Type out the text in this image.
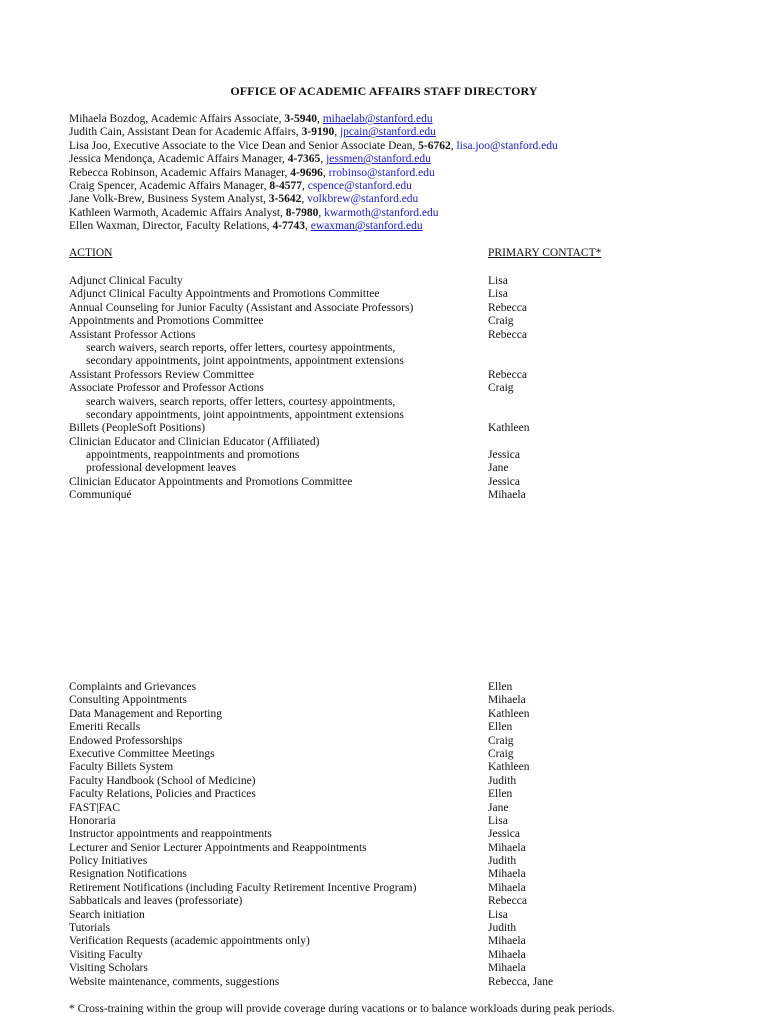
OFFICE OF ACADEMIC AFFAIRS STAFF DIRECTORY
Mihaela Bozdog, Academic Affairs Associate, 3-5940, mihaelab@stanford.edu
Judith Cain, Assistant Dean for Academic Affairs, 3-9190, jpcain@stanford.edu
Lisa Joo, Executive Associate to the Vice Dean and Senior Associate Dean, 5-6762, lisa.joo@stanford.edu
Jessica Mendonça, Academic Affairs Manager, 4-7365, jessmen@stanford.edu
Rebecca Robinson, Academic Affairs Manager, 4-9696, rrobinso@stanford.edu
Craig Spencer, Academic Affairs Manager, 8-4577, cspence@stanford.edu
Jane Volk-Brew, Business System Analyst, 3-5642, volkbrew@stanford.edu
Kathleen Warmoth, Academic Affairs Analyst, 8-7980, kwarmoth@stanford.edu
Ellen Waxman, Director, Faculty Relations, 4-7743, ewaxman@stanford.edu
ACTION	PRIMARY CONTACT*
Adjunct Clinical Faculty	Lisa
Adjunct Clinical Faculty Appointments and Promotions Committee	Lisa
Annual Counseling for Junior Faculty (Assistant and Associate Professors)	Rebecca
Appointments and Promotions Committee	Craig
Assistant Professor Actions	Rebecca
search waivers, search reports, offer letters, courtesy appointments,
secondary appointments, joint appointments, appointment extensions
Assistant Professors Review Committee	Rebecca
Associate Professor and Professor Actions	Craig
search waivers, search reports, offer letters, courtesy appointments,
secondary appointments, joint appointments, appointment extensions
Billets (PeopleSoft Positions)	Kathleen
Clinician Educator and Clinician Educator (Affiliated)
appointments, reappointments and promotions	Jessica
professional development leaves	Jane
Clinician Educator Appointments and Promotions Committee	Jessica
Communiqué	Mihaela
Complaints and Grievances	Ellen
Consulting Appointments	Mihaela
Data Management and Reporting	Kathleen
Emeriti Recalls	Ellen
Endowed Professorships	Craig
Executive Committee Meetings	Craig
Faculty Billets System	Kathleen
Faculty Handbook (School of Medicine)	Judith
Faculty Relations, Policies and Practices	Ellen
FAST|FAC	Jane
Honoraria	Lisa
Instructor appointments and reappointments	Jessica
Lecturer and Senior Lecturer Appointments and Reappointments	Mihaela
Policy Initiatives	Judith
Resignation Notifications	Mihaela
Retirement Notifications (including Faculty Retirement Incentive Program)	Mihaela
Sabbaticals and leaves (professoriate)	Rebecca
Search initiation	Lisa
Tutorials	Judith
Verification Requests (academic appointments only)	Mihaela
Visiting Faculty	Mihaela
Visiting Scholars	Mihaela
Website maintenance, comments, suggestions	Rebecca, Jane
* Cross-training within the group will provide coverage during vacations or to balance workloads during peak periods.
